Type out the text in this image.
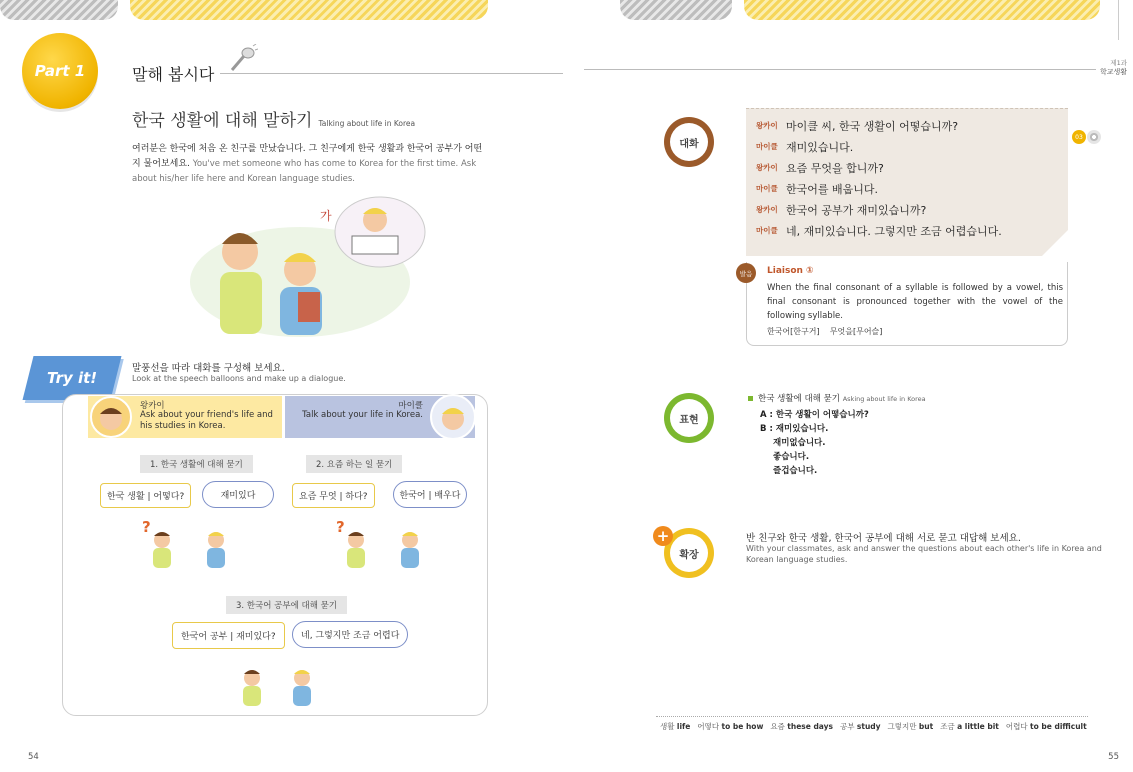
Part 1	말해 봅시다
한국 생활에 대해 말하기 Talking about life in Korea
여러분은 한국에 처음 온 친구를 만났습니다. 그 친구에게 한국 생활과 한국어 공부가 어떤지 물어보세요. You've met someone who has come to Korea for the first time. Ask about his/her life here and Korean language studies.
가
Try it!
말풍선을 따라 대화를 구성해 보세요.
Look at the speech balloons and make up a dialogue.
왕카이
Ask about your friend's life and his studies in Korea.
마이클
Talk about your life in Korea.
1. 한국 생활에 대해 묻기
한국 생활 | 어떻다?	재미있다
?
2. 요즘 하는 일 묻기
요즘 무엇 | 하다?	한국어 | 배우다
?
3. 한국어 공부에 대해 묻기
한국어 공부 | 재미있다?	네, 그렇지만 조금 어렵다
54
제1과
학교생활
대화
왕카이 마이클 씨, 한국 생활이 어떻습니까?
마이클 재미있습니다.
왕카이 요즘 무엇을 합니까?
마이클 한국어를 배웁니다.
왕카이 한국어 공부가 재미있습니까?
마이클 네, 재미있습니다. 그렇지만 조금 어렵습니다.
03
Liaison ①
When the final consonant of a syllable is followed by a vowel, this final consonant is pronounced together with the vowel of the following syllable.
한국어[한구거]    무엇을[무어슬]
발음
표현
한국 생활에 대해 묻기 Asking about life in Korea
A : 한국 생활이 어떻습니까?
B : 재미있습니다.
재미없습니다.
좋습니다.
즐겁습니다.
확장
+	반 친구와 한국 생활, 한국어 공부에 대해 서로 묻고 대답해 보세요.
With your classmates, ask and answer the questions about each other's life in Korea and Korean language studies.
생활 life 어떻다 to be how 요즘 these days 공부 study 그렇지만 but 조금 a little bit 어렵다 to be difficult
55
